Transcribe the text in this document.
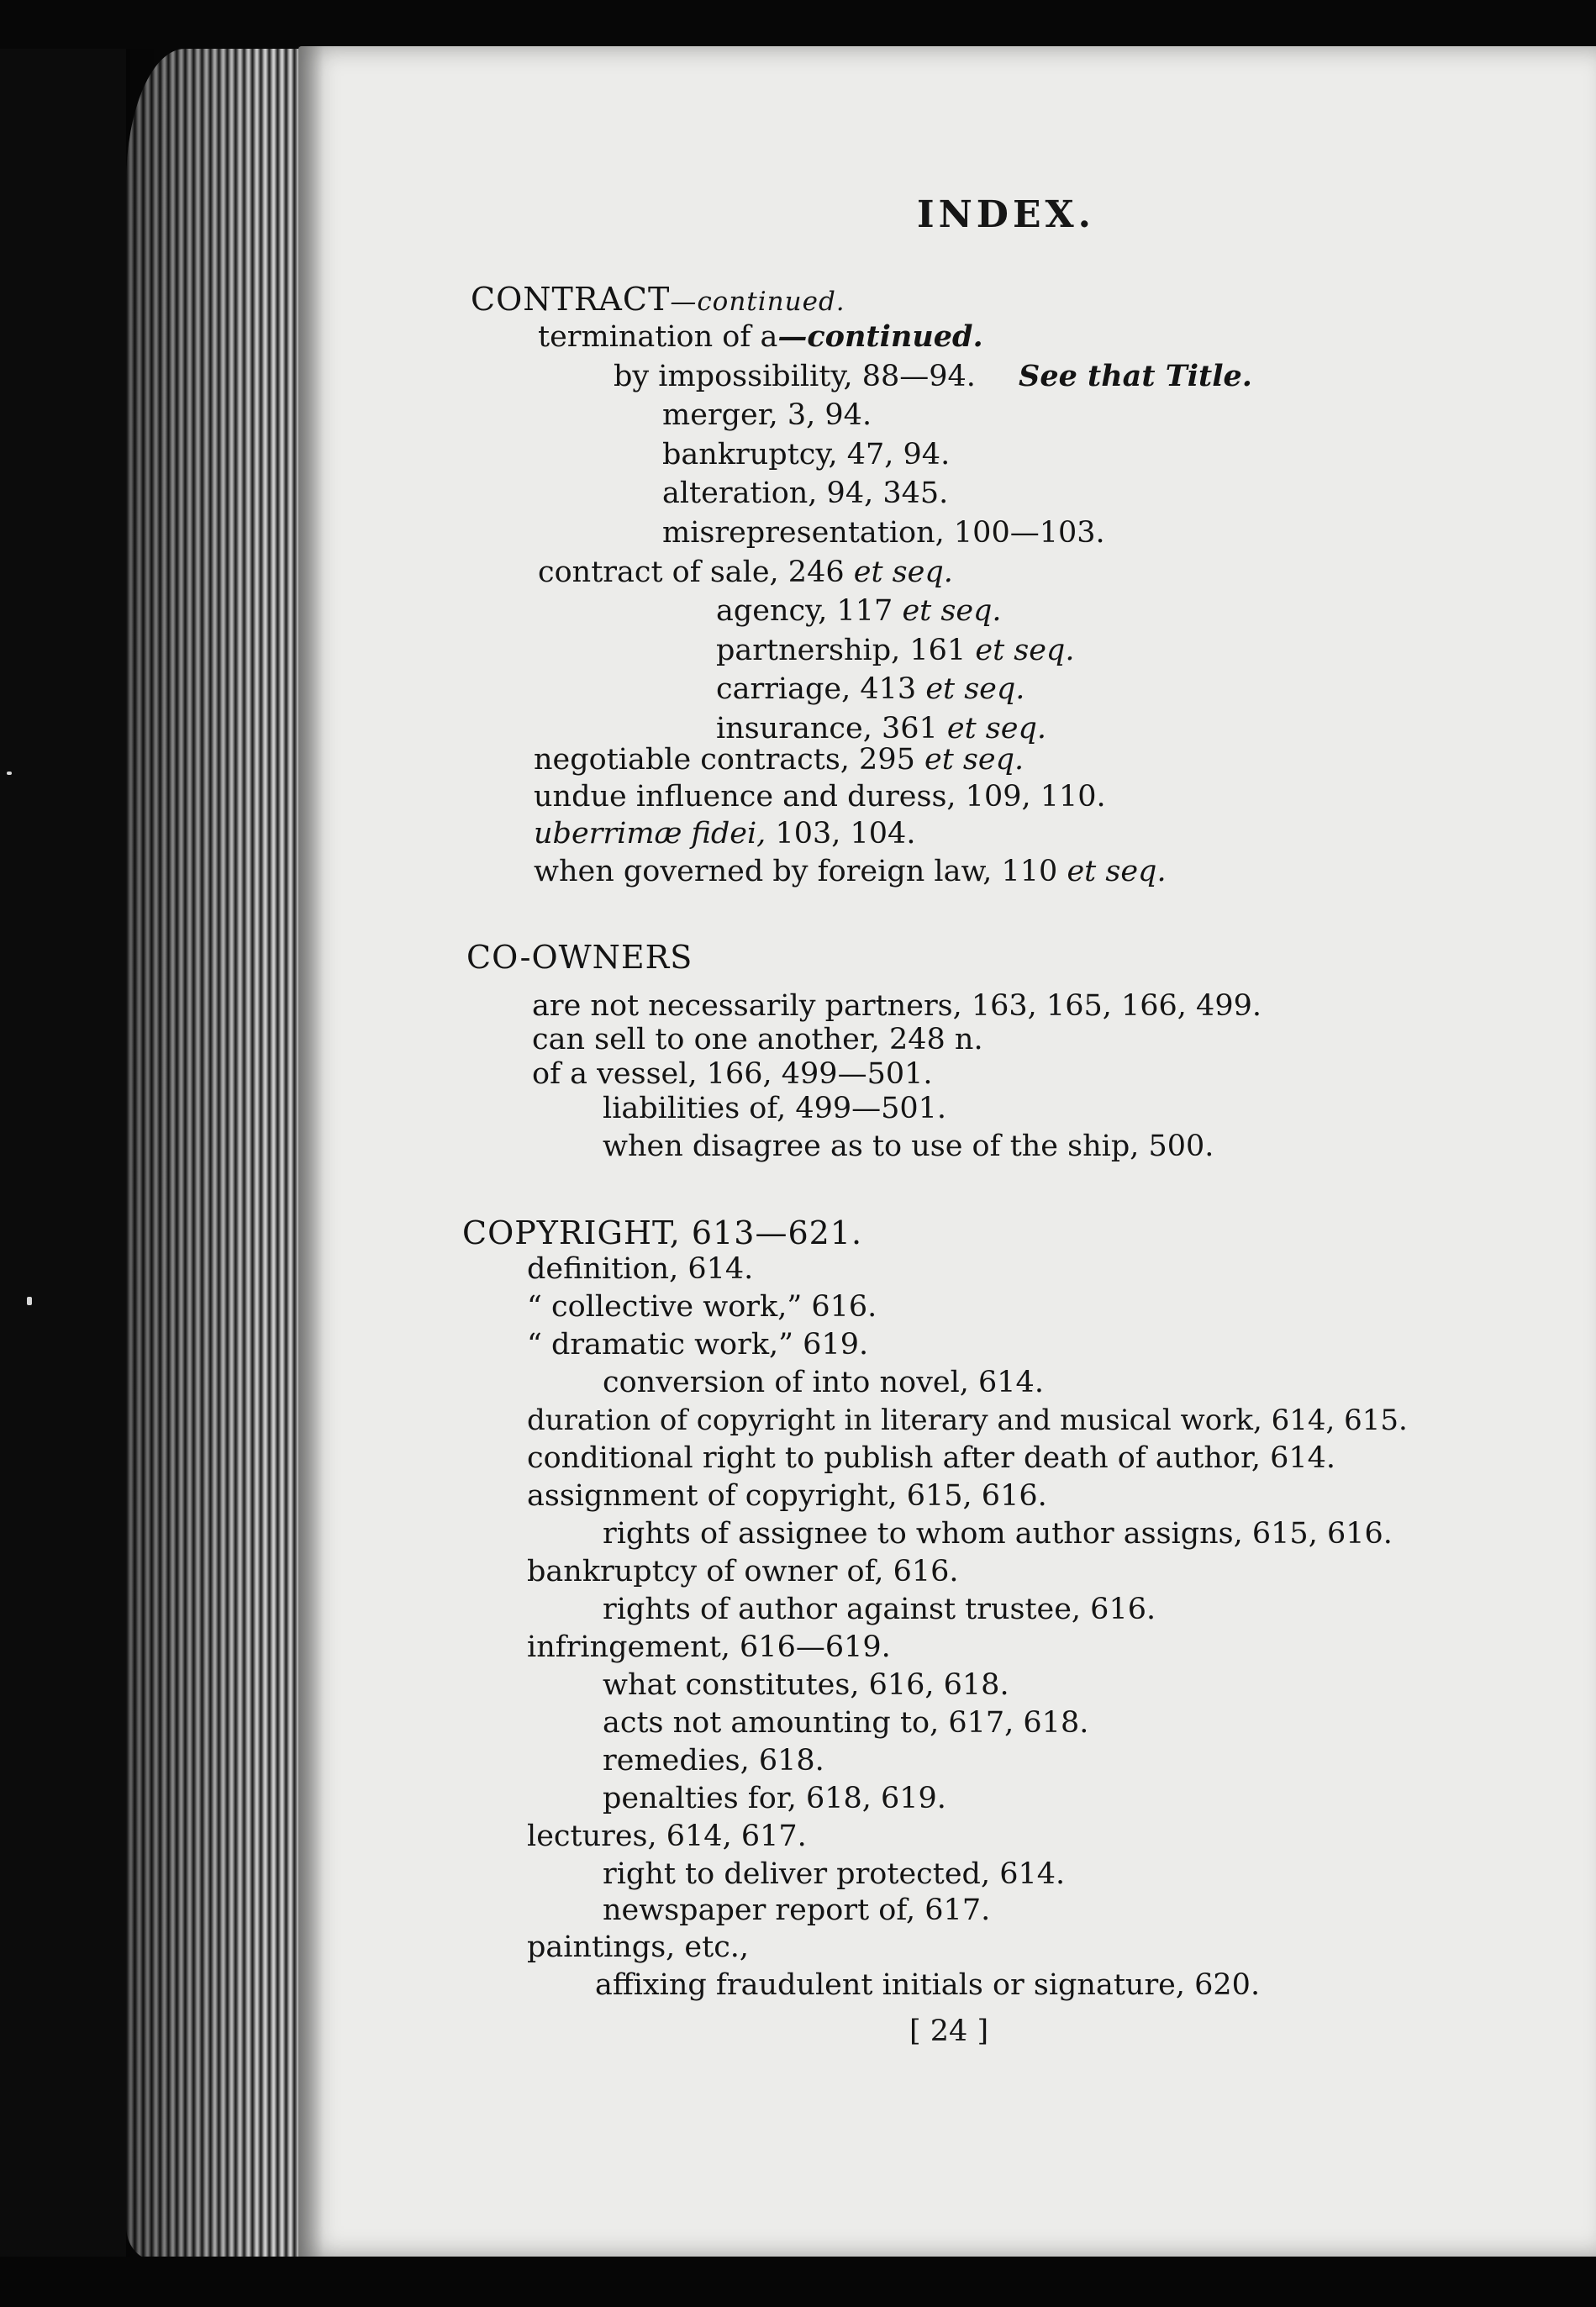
INDEX.
CONTRACT—continued.
termination of a—continued.
by impossibility, 88—94. See that Title.
merger, 3, 94.
bankruptcy, 47, 94.
alteration, 94, 345.
misrepresentation, 100—103.
contract of sale, 246 et seq.
agency, 117 et seq.
partnership, 161 et seq.
carriage, 413 et seq.
insurance, 361 et seq.
negotiable contracts, 295 et seq.
undue influence and duress, 109, 110.
uberrimæ fidei, 103, 104.
when governed by foreign law, 110 et seq.
CO-OWNERS
are not necessarily partners, 163, 165, 166, 499.
can sell to one another, 248 n.
of a vessel, 166, 499—501.
liabilities of, 499—501.
when disagree as to use of the ship, 500.
COPYRIGHT, 613—621.
definition, 614.
“ collective work,” 616.
“ dramatic work,” 619.
conversion of into novel, 614.
duration of copyright in literary and musical work, 614, 615.
conditional right to publish after death of author, 614.
assignment of copyright, 615, 616.
rights of assignee to whom author assigns, 615, 616.
bankruptcy of owner of, 616.
rights of author against trustee, 616.
infringement, 616—619.
what constitutes, 616, 618.
acts not amounting to, 617, 618.
remedies, 618.
penalties for, 618, 619.
lectures, 614, 617.
right to deliver protected, 614.
newspaper report of, 617.
paintings, etc.,
affixing fraudulent initials or signature, 620.
[ 24 ]
